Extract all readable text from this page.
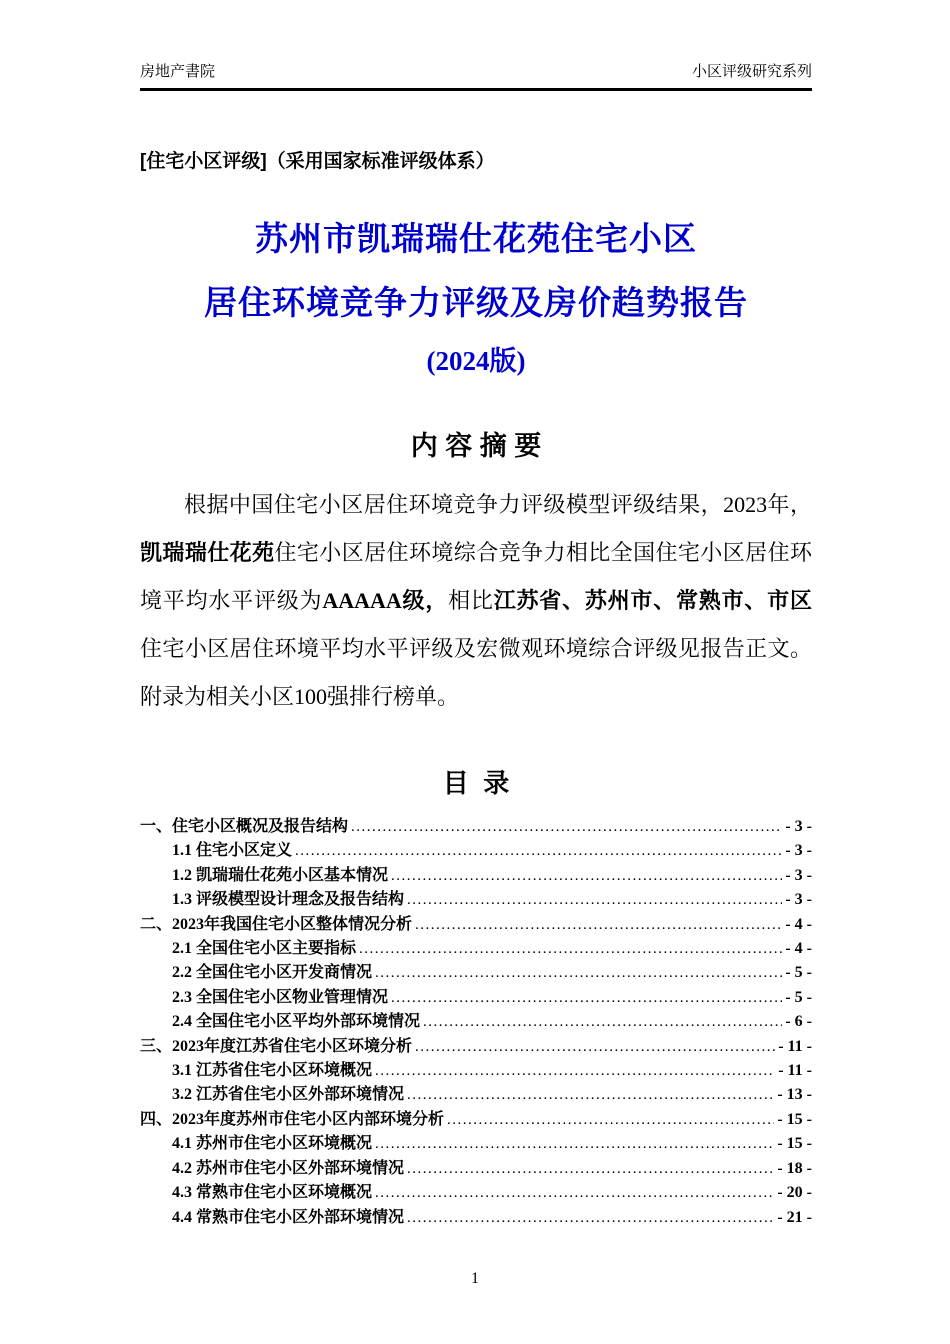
房地产書院	小区评级研究系列
[住宅小区评级]（采用国家标准评级体系）
苏州市凯瑞瑞仕花苑住宅小区
居住环境竞争力评级及房价趋势报告
(2024版)
内 容 摘 要

根据中国住宅小区居住环境竞争力评级模型评级结果，2023年，凯瑞瑞仕花苑住宅小区居住环境综合竞争力相比全国住宅小区居住环境平均水平评级为AAAAA级，相比江苏省、苏州市、常熟市、市区住宅小区居住环境平均水平评级及宏微观环境综合评级见报告正文。附录为相关小区100强排行榜单。

目  录
一、住宅小区概况及报告结构 .....	- 3 -
1.1 住宅小区定义 .....	- 3 -
1.2 凯瑞瑞仕花苑小区基本情况 .....	- 3 -
1.3 评级模型设计理念及报告结构 .....	- 3 -
二、2023年我国住宅小区整体情况分析 .....	- 4 -
2.1 全国住宅小区主要指标 .....	- 4 -
2.2 全国住宅小区开发商情况 .....	- 5 -
2.3 全国住宅小区物业管理情况 .....	- 5 -
2.4 全国住宅小区平均外部环境情况 .....	- 6 -
三、2023年度江苏省住宅小区环境分析 .....	- 11 -
3.1 江苏省住宅小区环境概况 .....	- 11 -
3.2 江苏省住宅小区外部环境情况 .....	- 13 -
四、2023年度苏州市住宅小区内部环境分析 .....	- 15 -
4.1 苏州市住宅小区环境概况 .....	- 15 -
4.2 苏州市住宅小区外部环境情况 .....	- 18 -
4.3 常熟市住宅小区环境概况 .....	- 20 -
4.4 常熟市住宅小区外部环境情况 .....	- 21 -
1
